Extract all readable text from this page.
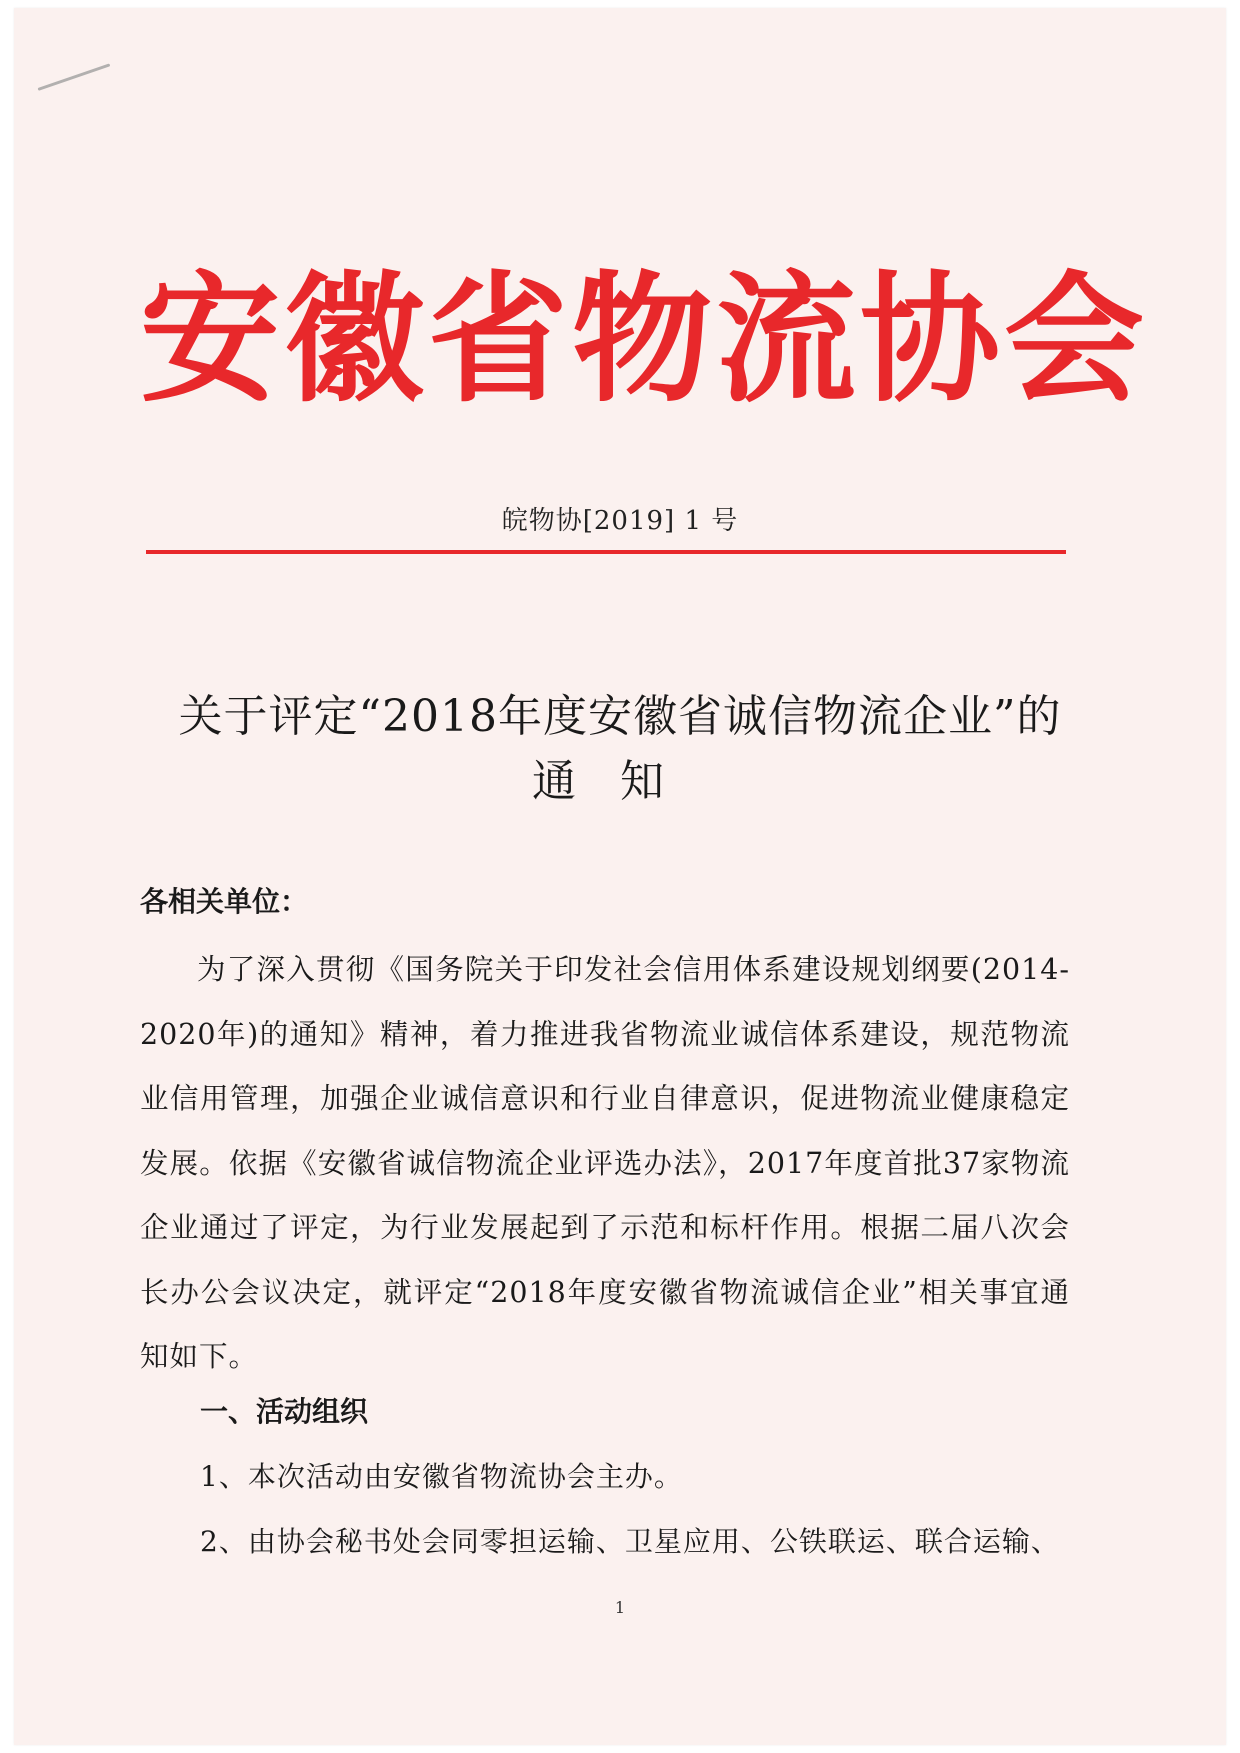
安徽省物流协会
皖物协[2019] 1 号
关于评定“2018年度安徽省诚信物流企业”的
通知
各相关单位：

为了深入贯彻《国务院关于印发社会信用体系建设规划纲要(2014-2020年)的通知》精神，着力推进我省物流业诚信体系建设，规范物流业信用管理，加强企业诚信意识和行业自律意识，促进物流业健康稳定发展。依据《安徽省诚信物流企业评选办法》，2017年度首批37家物流企业通过了评定，为行业发展起到了示范和标杆作用。根据二届八次会长办公会议决定，就评定“2018年度安徽省物流诚信企业”相关事宜通知如下。

一、活动组织
1、本次活动由安徽省物流协会主办。
2、由协会秘书处会同零担运输、卫星应用、公铁联运、联合运输、
1
